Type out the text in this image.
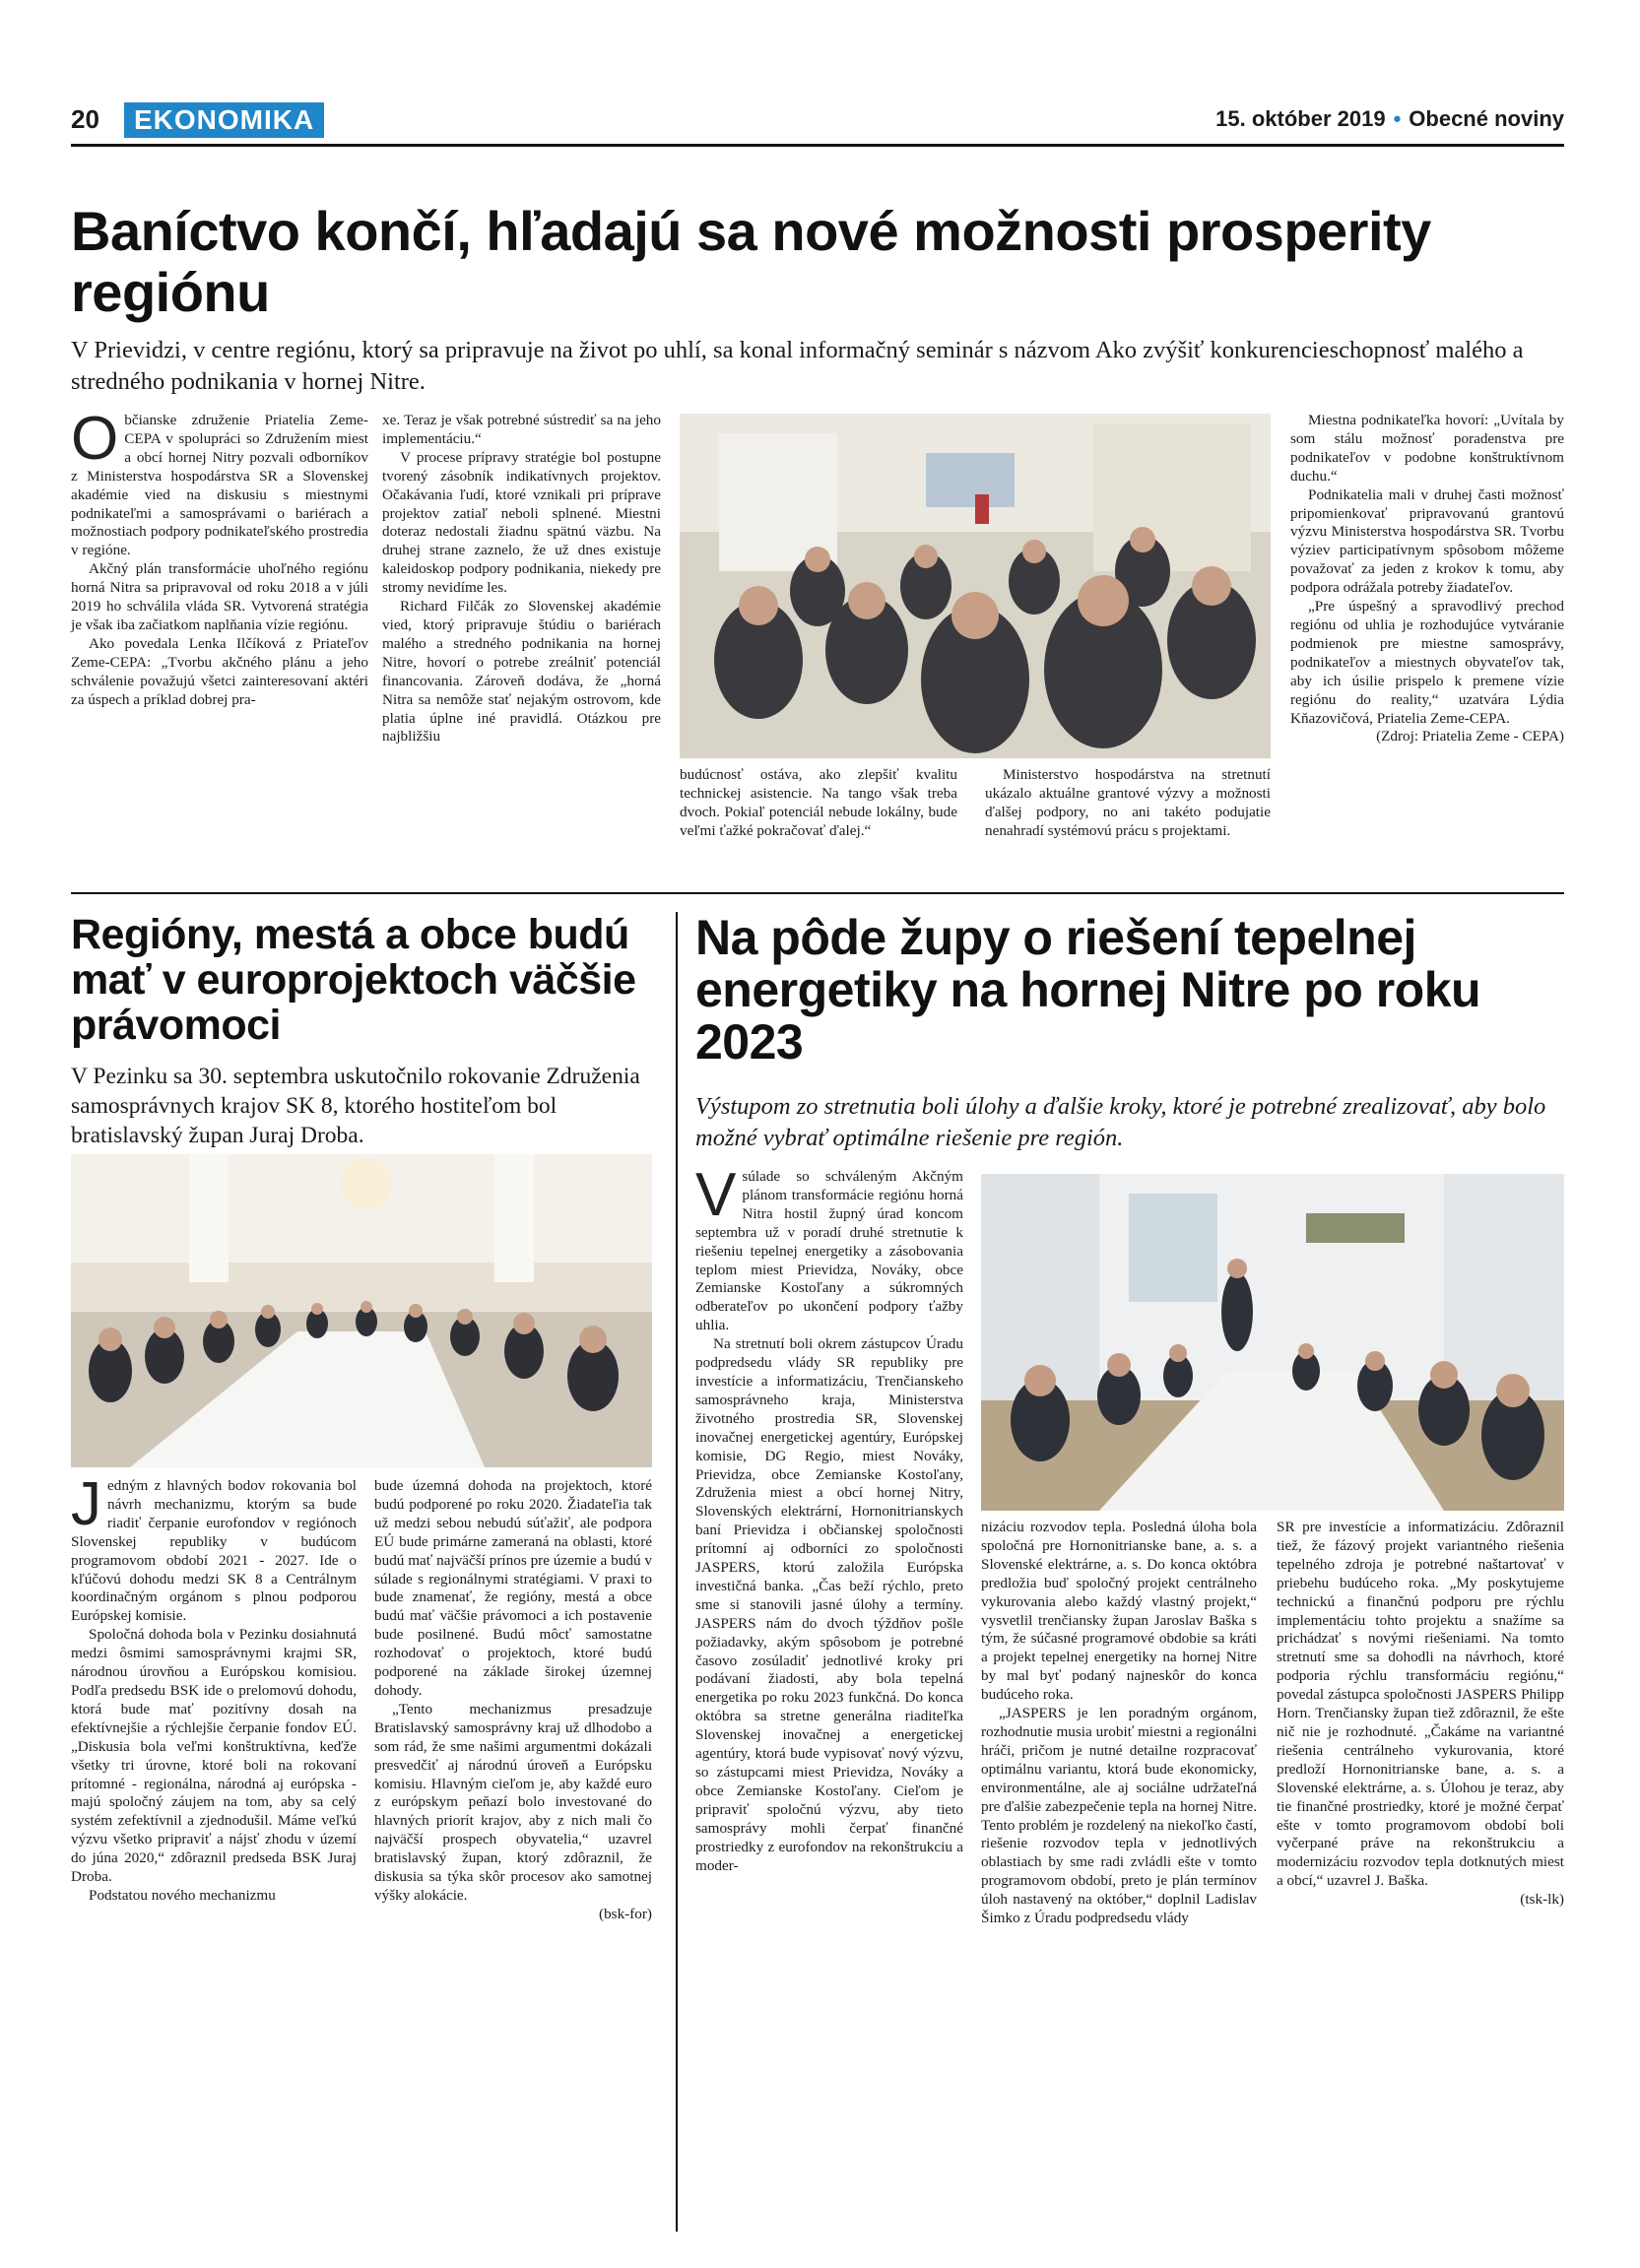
20	EKONOMIKA	15. október 2019 • Obecné noviny
Baníctvo končí, hľadajú sa nové možnosti prosperity regiónu

V Prievidzi, v centre regiónu, ktorý sa pripravuje na život po uhlí, sa konal informačný seminár s názvom Ako zvýšiť konkurencieschopnosť malého a stredného podnikania v hornej Nitre.

Občianske združenie Priatelia Zeme-CEPA v spolupráci so Združením miest a obcí hornej Nitry pozvali odborníkov z Ministerstva hospodárstva SR a Slovenskej akadémie vied na diskusiu s miestnymi podnikateľmi a samosprávami o bariérach a možnostiach podpory podnikateľského prostredia v regióne.

Akčný plán transformácie uhoľného regiónu horná Nitra sa pripravoval od roku 2018 a v júli 2019 ho schválila vláda SR. Vytvorená stratégia je však iba začiatkom naplňania vízie regiónu.

Ako povedala Lenka Ilčíková z Priateľov Zeme-CEPA: „Tvorbu akčného plánu a jeho schválenie považujú všetci zainteresovaní aktéri za úspech a príklad dobrej pra-

xe. Teraz je však potrebné sústrediť sa na jeho implementáciu.“

V procese prípravy stratégie bol postupne tvorený zásobník indikatívnych projektov. Očakávania ľudí, ktoré vznikali pri príprave projektov zatiaľ neboli splnené. Miestni doteraz nedostali žiadnu spätnú väzbu. Na druhej strane zaznelo, že už dnes existuje kaleidoskop podpory podnikania, niekedy pre stromy nevidíme les.

Richard Filčák zo Slovenskej akadémie vied, ktorý pripravuje štúdiu o bariérach malého a stredného podnikania na hornej Nitre, hovorí o potrebe zreálniť potenciál financovania. Zároveň dodáva, že „horná Nitra sa nemôže stať nejakým ostrovom, kde platia úplne iné pravidlá. Otázkou pre najbližšiu

budúcnosť ostáva, ako zlepšiť kvalitu technickej asistencie. Na tango však treba dvoch. Pokiaľ potenciál nebude lokálny, bude veľmi ťažké pokračovať ďalej.“

Ministerstvo hospodárstva na stretnutí ukázalo aktuálne grantové výzvy a možnosti ďalšej podpory, no ani takéto podujatie nenahradí systémovú prácu s projektami.

Miestna podnikateľka hovorí: „Uvítala by som stálu možnosť poradenstva pre podnikateľov v podobne konštruktívnom duchu.“

Podnikatelia mali v druhej časti možnosť pripomienkovať pripravovanú grantovú výzvu Ministerstva hospodárstva SR. Tvorbu výziev participatívnym spôsobom môžeme považovať za jeden z krokov k tomu, aby podpora odrážala potreby žiadateľov.

„Pre úspešný a spravodlivý prechod regiónu od uhlia je rozhodujúce vytváranie podmienok pre miestne samosprávy, podnikateľov a miestnych obyvateľov tak, aby ich úsilie prispelo k premene vízie regiónu do reality,“ uzatvára Lýdia Kňazovičová, Priatelia Zeme-CEPA.

(Zdroj: Priatelia Zeme - CEPA)

Regióny, mestá a obce budú mať v europrojektoch väčšie právomoci

V Pezinku sa 30. septembra uskutočnilo rokovanie Združenia samosprávnych krajov SK 8, ktorého hostiteľom bol bratislavský župan Juraj Droba.

Jedným z hlavných bodov rokovania bol návrh mechanizmu, ktorým sa bude riadiť čerpanie eurofondov v regiónoch Slovenskej republiky v budúcom programovom období 2021 - 2027. Ide o kľúčovú dohodu medzi SK 8 a Centrálnym koordinačným orgánom s plnou podporou Európskej komisie.

Spoločná dohoda bola v Pezinku dosiahnutá medzi ôsmimi samosprávnymi krajmi SR, národnou úrovňou a Európskou komisiou. Podľa predsedu BSK ide o prelomovú dohodu, ktorá bude mať pozitívny dosah na efektívnejšie a rýchlejšie čerpanie fondov EÚ. „Diskusia bola veľmi konštruktívna, keďže všetky tri úrovne, ktoré boli na rokovaní prítomné - regionálna, národná aj európska - majú spoločný záujem na tom, aby sa celý systém zefektívnil a zjednodušil. Máme veľkú výzvu všetko pripraviť a nájsť zhodu v území do júna 2020,“ zdôraznil predseda BSK Juraj Droba.

Podstatou nového mechanizmu

bude územná dohoda na projektoch, ktoré budú podporené po roku 2020. Žiadateľia tak už medzi sebou nebudú súťažiť, ale podpora EÚ bude primárne zameraná na oblasti, ktoré budú mať najväčší prínos pre územie a budú v súlade s regionálnymi stratégiami. V praxi to bude znamenať, že regióny, mestá a obce budú mať väčšie právomoci a ich postavenie bude posilnené. Budú môcť samostatne rozhodovať o projektoch, ktoré budú podporené na základe širokej územnej dohody.

„Tento mechanizmus presadzuje Bratislavský samosprávny kraj už dlhodobo a som rád, že sme našimi argumentmi dokázali presvedčiť aj národnú úroveň a Európsku komisiu. Hlavným cieľom je, aby každé euro z európskym peňazí bolo investované do hlavných priorít krajov, aby z nich mali čo najväčší prospech obyvatelia,“ uzavrel bratislavský župan, ktorý zdôraznil, že diskusia sa týka skôr procesov ako samotnej výšky alokácie.

(bsk-for)

Na pôde župy o riešení tepelnej energetiky na hornej Nitre po roku 2023

Výstupom zo stretnutia boli úlohy a ďalšie kroky, ktoré je potrebné zrealizovať, aby bolo možné vybrať optimálne riešenie pre región.

Vsúlade so schváleným Akčným plánom transformácie regiónu horná Nitra hostil župný úrad koncom septembra už v poradí druhé stretnutie k riešeniu tepelnej energetiky a zásobovania teplom miest Prievidza, Nováky, obce Zemianske Kostoľany a súkromných odberateľov po ukončení podpory ťažby uhlia.

Na stretnutí boli okrem zástupcov Úradu podpredsedu vlády SR republiky pre investície a informatizáciu, Trenčianskeho samosprávneho kraja, Ministerstva životného prostredia SR, Slovenskej inovačnej energetickej agentúry, Európskej komisie, DG Regio, miest Nováky, Prievidza, obce Zemianske Kostoľany, Združenia miest a obcí hornej Nitry, Slovenských elektrární, Hornonitrianskych baní Prievidza i občianskej spoločnosti prítomní aj odborníci zo spoločnosti JASPERS, ktorú založila Európska investičná banka. „Čas beží rýchlo, preto sme si stanovili jasné úlohy a termíny. JASPERS nám do dvoch týždňov pošle požiadavky, akým spôsobom je potrebné časovo zosúladiť jednotlivé kroky pri podávaní žiadosti, aby bola tepelná energetika po roku 2023 funkčná. Do konca októbra sa stretne generálna riaditeľka Slovenskej inovačnej a energetickej agentúry, ktorá bude vypisovať nový výzvu, so zástupcami miest Prievidza, Nováky a obce Zemianske Kostoľany. Cieľom je pripraviť spoločnú výzvu, aby tieto samosprávy mohli čerpať finančné prostriedky z eurofondov na rekonštrukciu a moder-

nizáciu rozvodov tepla. Posledná úloha bola spoločná pre Hornonitrianske bane, a. s. a Slovenské elektrárne, a. s. Do konca októbra predložia buď spoločný projekt centrálneho vykurovania alebo každý vlastný projekt,“ vysvetlil trenčiansky župan Jaroslav Baška s tým, že súčasné programové obdobie sa kráti a projekt tepelnej energetiky na hornej Nitre by mal byť podaný najneskôr do konca budúceho roka.

„JASPERS je len poradným orgánom, rozhodnutie musia urobiť miestni a regionálni hráči, pričom je nutné detailne rozpracovať optimálnu variantu, ktorá bude ekonomicky, environmentálne, ale aj sociálne udržateľná pre ďalšie zabezpečenie tepla na hornej Nitre. Tento problém je rozdelený na niekoľko častí, riešenie rozvodov tepla v jednotlivých oblastiach by sme radi zvládli ešte v tomto programovom období, preto je plán termínov úloh nastavený na október,“ doplnil Ladislav Šimko z Úradu podpredsedu vlády

SR pre investície a informatizáciu. Zdôraznil tiež, že fázový projekt variantného riešenia tepelného zdroja je potrebné naštartovať v priebehu budúceho roka. „My poskytujeme technickú a finančnú podporu pre rýchlu implementáciu tohto projektu a snažíme sa prichádzať s novými riešeniami. Na tomto stretnutí sme sa dohodli na návrhoch, ktoré podporia rýchlu transformáciu regiónu,“ povedal zástupca spoločnosti JASPERS Philipp Horn. Trenčiansky župan tiež zdôraznil, že ešte nič nie je rozhodnuté. „Čakáme na variantné riešenia centrálneho vykurovania, ktoré predloží Hornonitrianske bane, a. s. a Slovenské elektrárne, a. s. Úlohou je teraz, aby tie finančné prostriedky, ktoré je možné čerpať ešte v tomto programovom období boli vyčerpané práve na rekonštrukciu a modernizáciu rozvodov tepla dotknutých miest a obcí,“ uzavrel J. Baška.

(tsk-lk)
